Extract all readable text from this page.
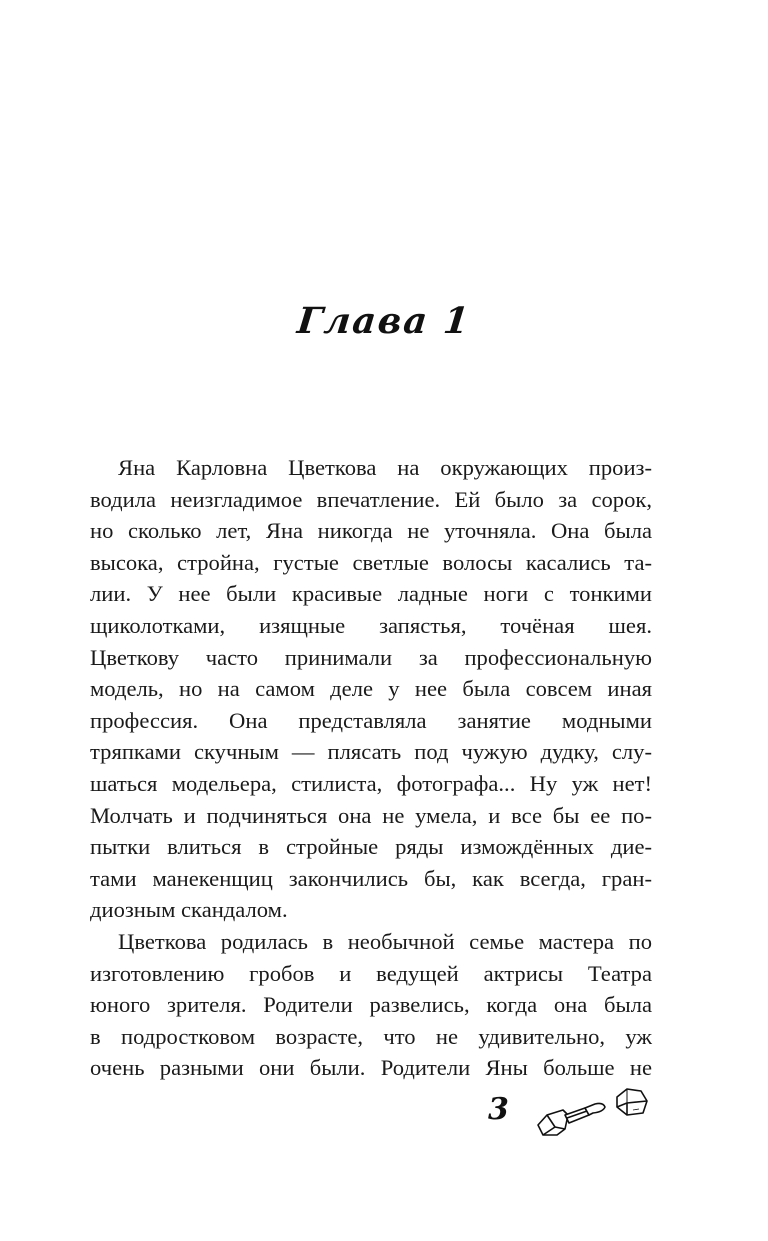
Глава 1
Яна Карловна Цветкова на окружающих произ-
водила неизгладимое впечатление. Ей было за сорок,
но сколько лет, Яна никогда не уточняла. Она была
высока, стройна, густые светлые волосы касались та-
лии. У нее были красивые ладные ноги с тонкими
щиколотками, изящные запястья, точёная шея.
Цветкову часто принимали за профессиональную
модель, но на самом деле у нее была совсем иная
профессия. Она представляла занятие модными
тряпками скучным — плясать под чужую дудку, слу-
шаться модельера, стилиста, фотографа... Ну уж нет!
Молчать и подчиняться она не умела, и все бы ее по-
пытки влиться в стройные ряды измождённых дие-
тами манекенщиц закончились бы, как всегда, гран-
диозным скандалом.
Цветкова родилась в необычной семье мастера по
изготовлению гробов и ведущей актрисы Театра
юного зрителя. Родители развелись, когда она была
в подростковом возрасте, что не удивительно, уж
очень разными они были. Родители Яны больше не
3
